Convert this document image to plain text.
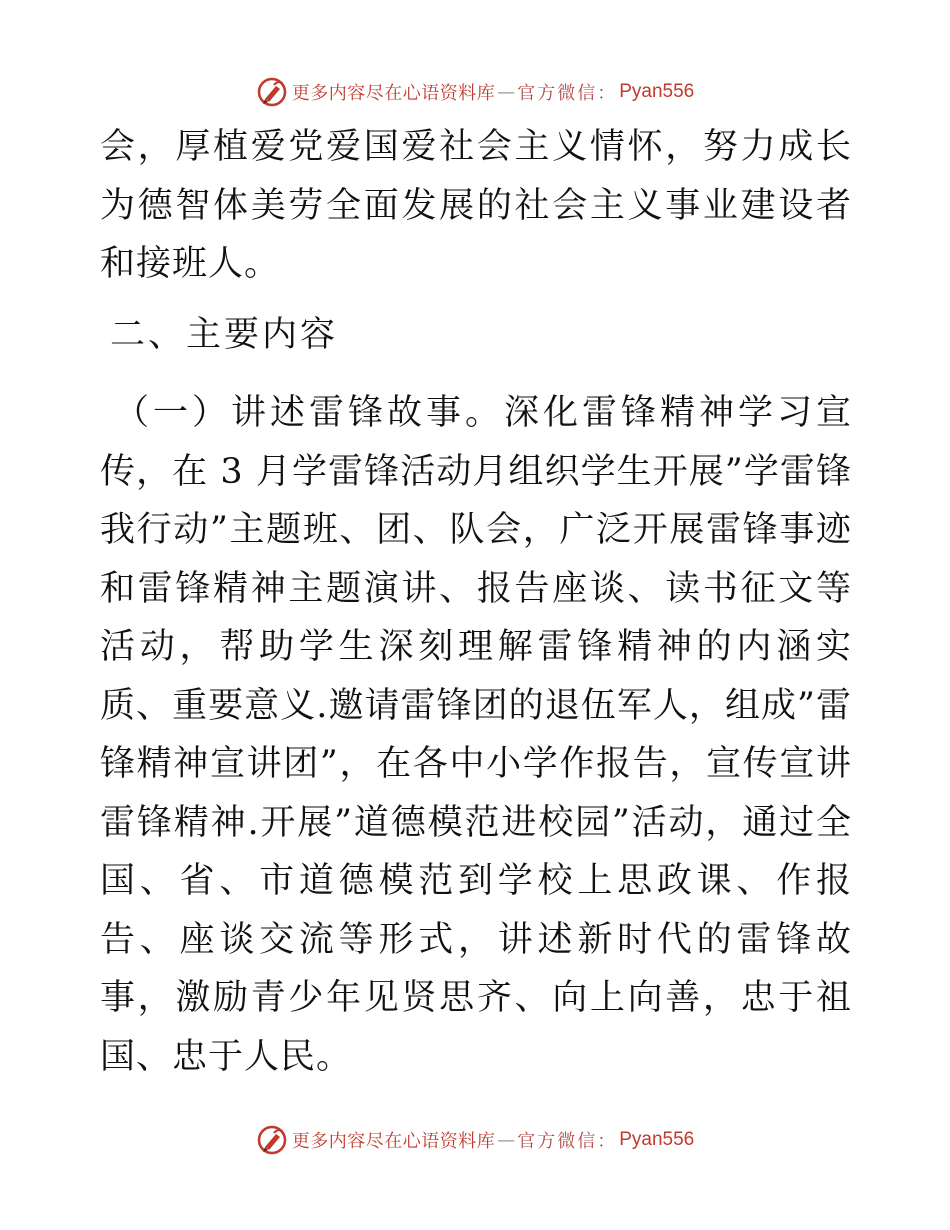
更多内容尽在心语资料库 — 官方微信： Pyan556

会，厚植爱党爱国爱社会主义情怀，努力成长为德智体美劳全面发展的社会主义事业建设者和接班人。

二、主要内容

（一）讲述雷锋故事。深化雷锋精神学习宣传，在 3 月学雷锋活动月组织学生开展”学雷锋我行动”主题班、团、队会，广泛开展雷锋事迹和雷锋精神主题演讲、报告座谈、读书征文等活动，帮助学生深刻理解雷锋精神的内涵实质、重要意义.邀请雷锋团的退伍军人，组成”雷锋精神宣讲团”，在各中小学作报告，宣传宣讲雷锋精神.开展”道德模范进校园”活动，通过全国、省、市道德模范到学校上思政课、作报告、座谈交流等形式，讲述新时代的雷锋故事，激励青少年见贤思齐、向上向善，忠于祖国、忠于人民。

更多内容尽在心语资料库 — 官方微信： Pyan556
